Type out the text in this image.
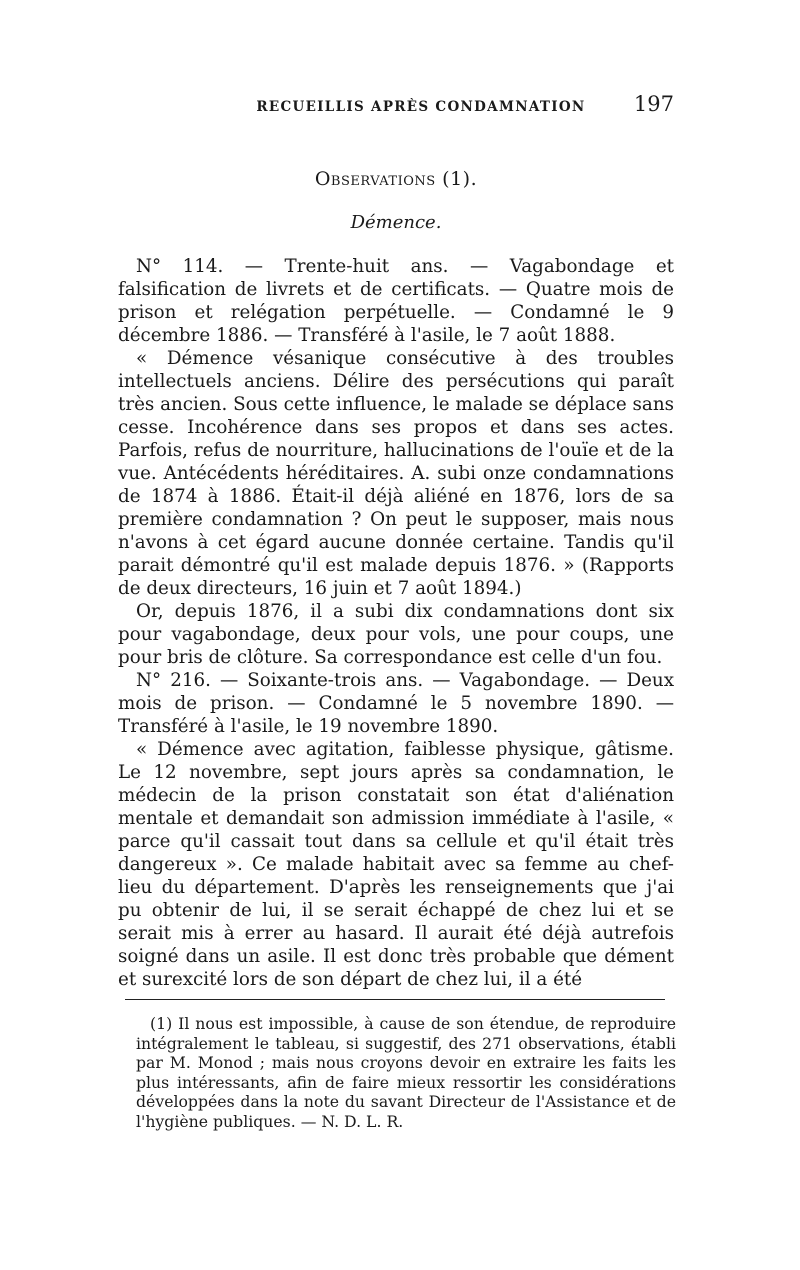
RECUEILLIS APRÈS CONDAMNATION	197
Observations (1).
Démence.

N° 114. — Trente-huit ans. — Vagabondage et falsification de livrets et de certificats. — Quatre mois de prison et relégation perpétuelle. — Condamné le 9 décembre 1886. — Transféré à l'asile, le 7 août 1888.

« Démence vésanique consécutive à des troubles intellectuels anciens. Délire des persécutions qui paraît très ancien. Sous cette influence, le malade se déplace sans cesse. Incohérence dans ses propos et dans ses actes. Parfois, refus de nourriture, hallucinations de l'ouïe et de la vue. Antécédents héréditaires. A. subi onze condamnations de 1874 à 1886. Était-il déjà aliéné en 1876, lors de sa première condamnation ? On peut le supposer, mais nous n'avons à cet égard aucune donnée certaine. Tandis qu'il parait démontré qu'il est malade depuis 1876. » (Rapports de deux directeurs, 16 juin et 7 août 1894.)

Or, depuis 1876, il a subi dix condamnations dont six pour vagabondage, deux pour vols, une pour coups, une pour bris de clôture. Sa correspondance est celle d'un fou.

N° 216. — Soixante-trois ans. — Vagabondage. — Deux mois de prison. — Condamné le 5 novembre 1890. — Transféré à l'asile, le 19 novembre 1890.

« Démence avec agitation, faiblesse physique, gâtisme. Le 12 novembre, sept jours après sa condamnation, le médecin de la prison constatait son état d'aliénation mentale et demandait son admission immédiate à l'asile, « parce qu'il cassait tout dans sa cellule et qu'il était très dangereux ». Ce malade habitait avec sa femme au chef-lieu du département. D'après les renseignements que j'ai pu obtenir de lui, il se serait échappé de chez lui et se serait mis à errer au hasard. Il aurait été déjà autrefois soigné dans un asile. Il est donc très probable que dément et surexcité lors de son départ de chez lui, il a été

(1) Il nous est impossible, à cause de son étendue, de reproduire intégralement le tableau, si suggestif, des 271 observations, établi par M. Monod ; mais nous croyons devoir en extraire les faits les plus intéressants, afin de faire mieux ressortir les considérations développées dans la note du savant Directeur de l'Assistance et de l'hygiène publiques. — N. D. L. R.
